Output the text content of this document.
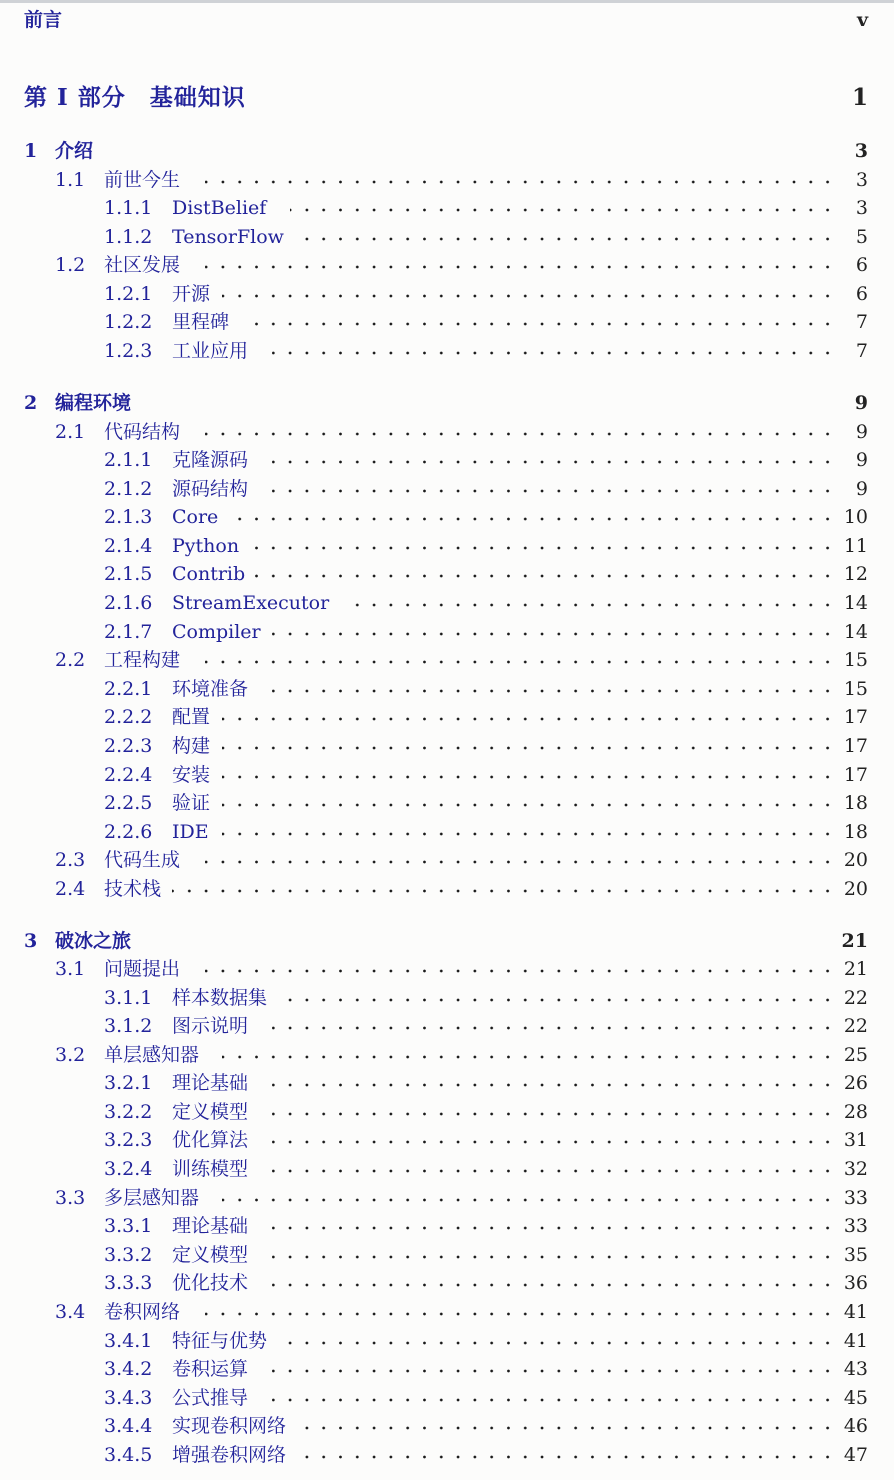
前言	v
第 I 部分　基础知识	1
1 介绍	3
1.1 前世今生	3
1.1.1 DistBelief	3
1.1.2 TensorFlow	5
1.2 社区发展	6
1.2.1 开源	6
1.2.2 里程碑	7
1.2.3 工业应用	7
2 编程环境	9
2.1 代码结构	9
2.1.1 克隆源码	9
2.1.2 源码结构	9
2.1.3 Core	10
2.1.4 Python	11
2.1.5 Contrib	12
2.1.6 StreamExecutor	14
2.1.7 Compiler	14
2.2 工程构建	15
2.2.1 环境准备	15
2.2.2 配置	17
2.2.3 构建	17
2.2.4 安装	17
2.2.5 验证	18
2.2.6 IDE	18
2.3 代码生成	20
2.4 技术栈	20
3 破冰之旅	21
3.1 问题提出	21
3.1.1 样本数据集	22
3.1.2 图示说明	22
3.2 单层感知器	25
3.2.1 理论基础	26
3.2.2 定义模型	28
3.2.3 优化算法	31
3.2.4 训练模型	32
3.3 多层感知器	33
3.3.1 理论基础	33
3.3.2 定义模型	35
3.3.3 优化技术	36
3.4 卷积网络	41
3.4.1 特征与优势	41
3.4.2 卷积运算	43
3.4.3 公式推导	45
3.4.4 实现卷积网络	46
3.4.5 增强卷积网络	47
